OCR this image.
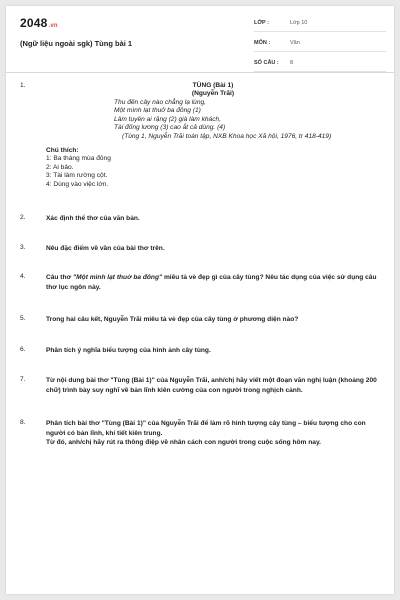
2048.vn
(Ngữ liệu ngoài sgk) Tùng bài 1
LỚP :	Lớp 10
MÔN :	Văn
SỐ CÂU : 8
1.	TÙNG (Bài 1)
(Nguyễn Trãi)
Thu đến cây nào chẳng lạ lùng,
Một mình lạt thuở ba đông (1)
Lâm tuyền ai rặng (2) già làm khách,
Tài đống lương (3) cao ắt cả dùng. (4)
(Tùng 1, Nguyễn Trãi toàn tập, NXB Khoa học Xã hội, 1976, tr 418-419)
Chú thích:
1: Ba tháng mùa đông
2: Ai bảo.
3: Tài làm rường cột.
4: Dùng vào việc lớn.
2.	Xác định thể thơ của văn bản.
3.	Nêu đặc điểm về vần của bài thơ trên.
4.	Câu thơ "Một mình lạt thuở ba đông" miêu tả vẻ đẹp gì của cây tùng? Nêu tác dụng của việc sử dụng câu thơ lục ngôn này.
5.	Trong hai câu kết, Nguyễn Trãi miêu tả vẻ đẹp của cây tùng ở phương diện nào?
6.	Phân tích ý nghĩa biểu tượng của hình ảnh cây tùng.
7.	Từ nội dung bài thơ "Tùng (Bài 1)" của Nguyễn Trãi, anh/chị hãy viết một đoạn văn nghị luận (khoảng 200 chữ) trình bày suy nghĩ về bản lĩnh kiên cường của con người trong nghịch cảnh.
8.	Phân tích bài thơ "Tùng (Bài 1)" của Nguyễn Trãi để làm rõ hình tượng cây tùng – biểu tượng cho con người có bản lĩnh, khí tiết kiên trung.
Từ đó, anh/chị hãy rút ra thông điệp về nhân cách con người trong cuộc sống hôm nay.
